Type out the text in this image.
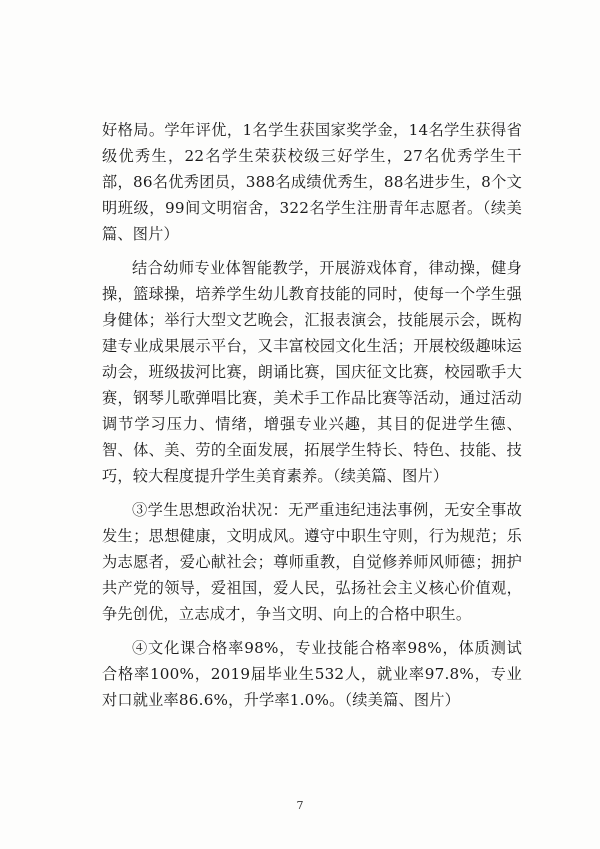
好格局。学年评优，1名学生获国家奖学金，14名学生获得省级优秀生，22名学生荣获校级三好学生，27名优秀学生干部，86名优秀团员，388名成绩优秀生，88名进步生，8个文明班级，99间文明宿舍，322名学生注册青年志愿者。（续美篇、图片）

结合幼师专业体智能教学，开展游戏体育，律动操，健身操，篮球操，培养学生幼儿教育技能的同时，使每一个学生强身健体；举行大型文艺晚会，汇报表演会，技能展示会，既构建专业成果展示平台，又丰富校园文化生活；开展校级趣味运动会，班级拔河比赛，朗诵比赛，国庆征文比赛，校园歌手大赛，钢琴儿歌弹唱比赛，美术手工作品比赛等活动，通过活动调节学习压力、情绪，增强专业兴趣，其目的促进学生德、智、体、美、劳的全面发展，拓展学生特长、特色、技能、技巧，较大程度提升学生美育素养。（续美篇、图片）

③学生思想政治状况：无严重违纪违法事例，无安全事故发生；思想健康，文明成风。遵守中职生守则，行为规范；乐为志愿者，爱心献社会；尊师重教，自觉修养师风师德；拥护共产党的领导，爱祖国，爱人民，弘扬社会主义核心价值观，争先创优，立志成才，争当文明、向上的合格中职生。

④文化课合格率98%，专业技能合格率98%，体质测试合格率100%，2019届毕业生532人，就业率97.8%，专业对口就业率86.6%，升学率1.0%。（续美篇、图片）

7
